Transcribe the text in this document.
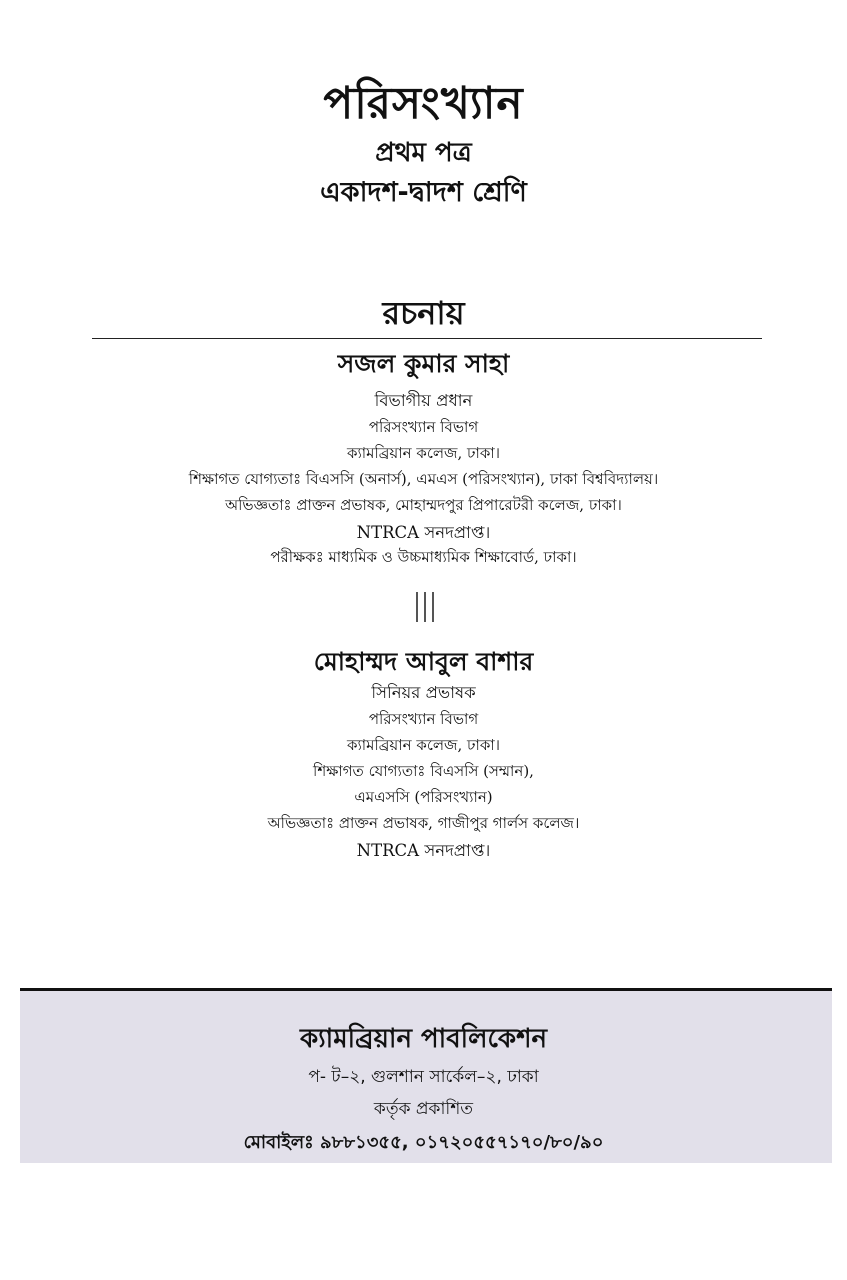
পরিসংখ্যান
প্রথম পত্র
একাদশ-দ্বাদশ শ্রেণি
রচনায়
সজল কুমার সাহা
বিভাগীয় প্রধান
পরিসংখ্যান বিভাগ
ক্যামব্রিয়ান কলেজ, ঢাকা।
শিক্ষাগত যোগ্যতাঃ বিএসসি (অনার্স), এমএস (পরিসংখ্যান), ঢাকা বিশ্ববিদ্যালয়।
অভিজ্ঞতাঃ প্রাক্তন প্রভাষক, মোহাম্মদপুর প্রিপারেটরী কলেজ, ঢাকা।
NTRCA সনদপ্রাপ্ত।
পরীক্ষকঃ মাধ্যমিক ও উচ্চমাধ্যমিক শিক্ষাবোর্ড, ঢাকা।
মোহাম্মদ আবুল বাশার
সিনিয়র প্রভাষক
পরিসংখ্যান বিভাগ
ক্যামব্রিয়ান কলেজ, ঢাকা।
শিক্ষাগত যোগ্যতাঃ বিএসসি (সম্মান),
এমএসসি (পরিসংখ্যান)
অভিজ্ঞতাঃ প্রাক্তন প্রভাষক, গাজীপুর গার্লস কলেজ।
NTRCA সনদপ্রাপ্ত।
ক্যামব্রিয়ান পাবলিকেশন
প- ট–২, গুলশান সার্কেল–২, ঢাকা
কর্তৃক প্রকাশিত
মোবাইলঃ ৯৮৮১৩৫৫, ০১৭২০৫৫৭১৭০/৮০/৯০
